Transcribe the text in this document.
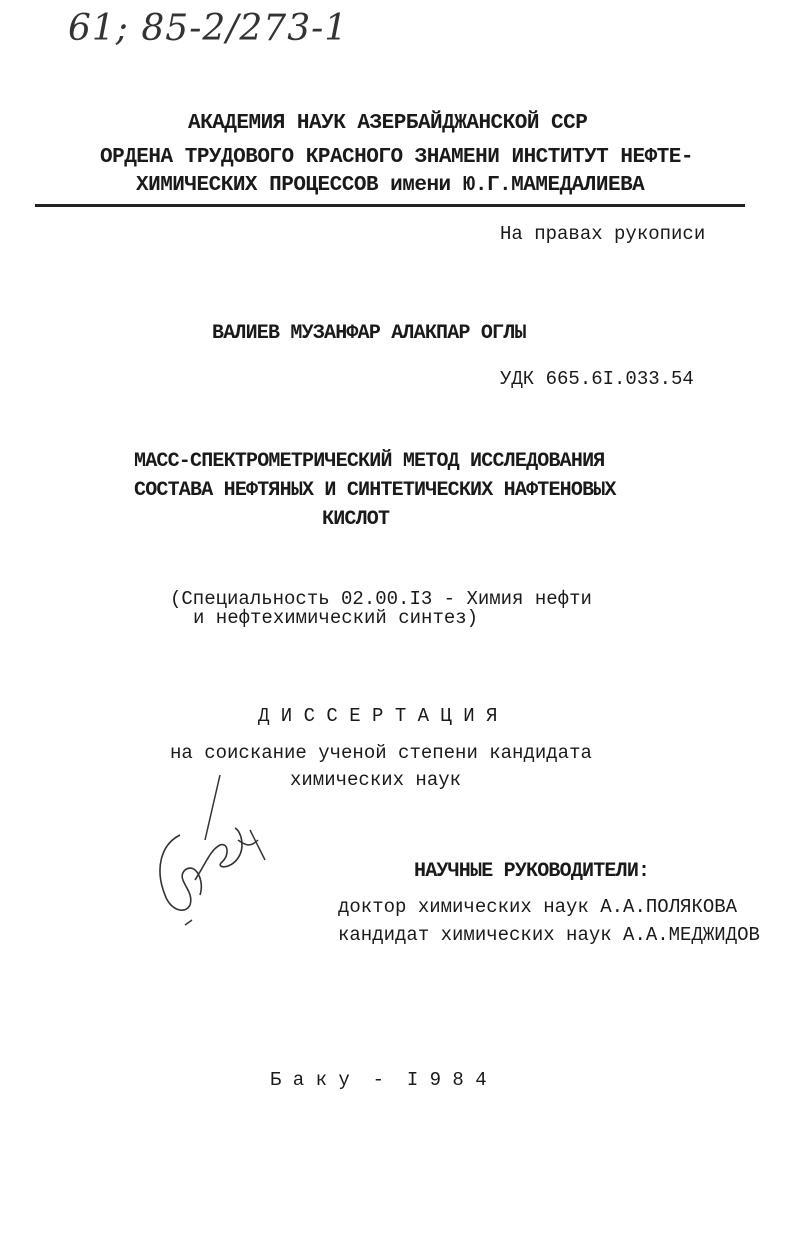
61; 85-2/273-1
АКАДЕМИЯ НАУК АЗЕРБАЙДЖАНСКОЙ ССР
ОРДЕНА ТРУДОВОГО КРАСНОГО ЗНАМЕНИ ИНСТИТУТ НЕФТЕ-
ХИМИЧЕСКИХ ПРОЦЕССОВ имени Ю.Г.МАМЕДАЛИЕВА
На правах рукописи
ВАЛИЕВ МУЗАНФАР АЛАКПАР ОГЛЫ
УДК 665.6I.033.54
МАСС-СПЕКТРОМЕТРИЧЕСКИЙ МЕТОД ИССЛЕДОВАНИЯ
СОСТАВА НЕФТЯНЫХ И СИНТЕТИЧЕСКИХ НАФТЕНОВЫХ
КИСЛОТ
(Специальность 02.00.I3 - Химия нефти
и нефтехимический синтез)
Д И С С Е Р Т А Ц И Я
на соискание ученой степени кандидата
химических наук
НАУЧНЫЕ РУКОВОДИТЕЛИ:
доктор химических наук А.А.ПОЛЯКОВА
кандидат химических наук А.А.МЕДЖИДОВ
Б а к у  -  I 9 8 4
